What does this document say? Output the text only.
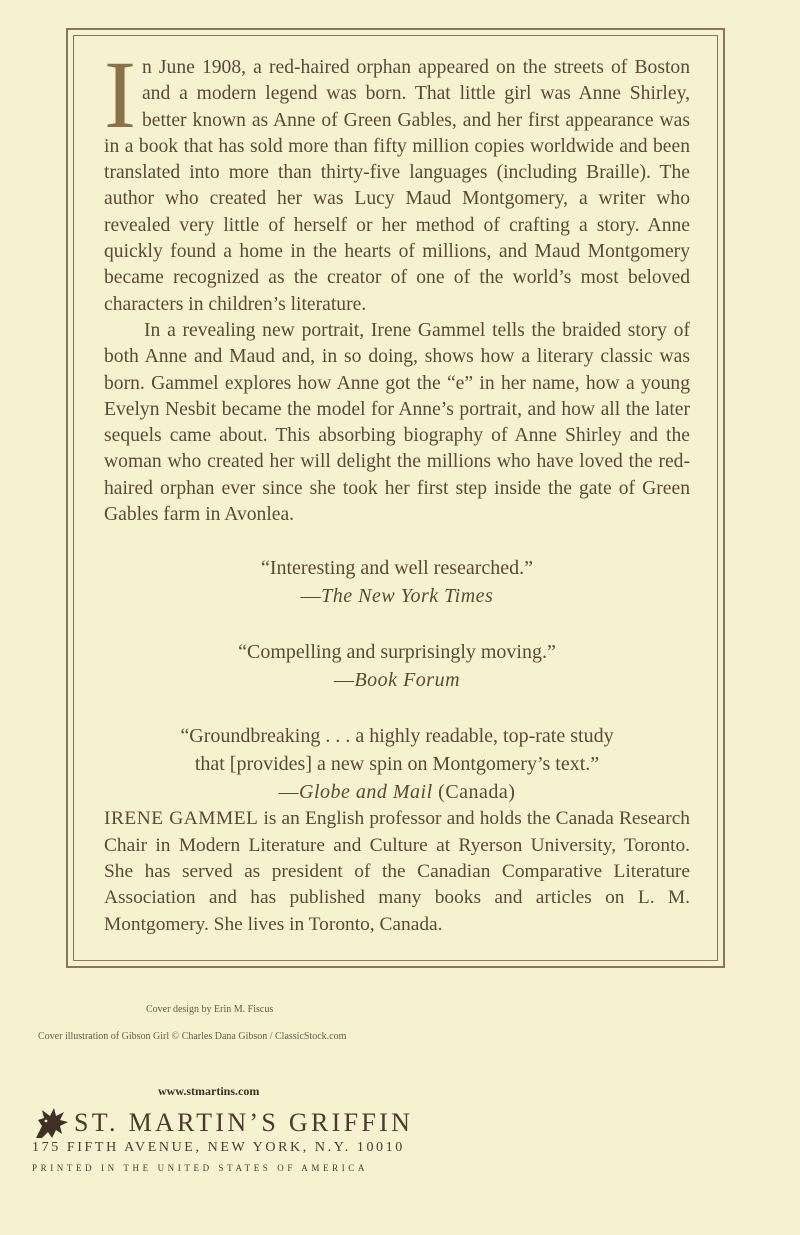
In June 1908, a red-haired orphan appeared on the streets of Boston and a modern legend was born. That little girl was Anne Shirley, better known as Anne of Green Gables, and her first appearance was in a book that has sold more than fifty million copies worldwide and been translated into more than thirty-five languages (including Braille). The author who created her was Lucy Maud Montgomery, a writer who revealed very little of herself or her method of crafting a story. Anne quickly found a home in the hearts of millions, and Maud Montgomery became recognized as the creator of one of the world’s most beloved characters in children’s literature.

In a revealing new portrait, Irene Gammel tells the braided story of both Anne and Maud and, in so doing, shows how a literary classic was born. Gammel explores how Anne got the “e” in her name, how a young Evelyn Nesbit became the model for Anne’s portrait, and how all the later sequels came about. This absorbing biography of Anne Shirley and the woman who created her will delight the millions who have loved the red-haired orphan ever since she took her first step inside the gate of Green Gables farm in Avonlea.

“Interesting and well researched.”
—The New York Times
“Compelling and surprisingly moving.”
—Book Forum
“Groundbreaking . . . a highly readable, top-rate study
that [provides] a new spin on Montgomery’s text.”
—Globe and Mail (Canada)

IRENE GAMMEL is an English professor and holds the Canada Research Chair in Modern Literature and Culture at Ryerson University, Toronto. She has served as president of the Canadian Comparative Literature Association and has published many books and articles on L. M. Montgomery. She lives in Toronto, Canada.

Cover design by Erin M. Fiscus
Cover illustration of Gibson Girl © Charles Dana Gibson / ClassicStock.com
www.stmartins.com
ST. MARTIN’S GRIFFIN
175 FIFTH AVENUE, NEW YORK, N.Y. 10010
PRINTED IN THE UNITED STATES OF AMERICA
